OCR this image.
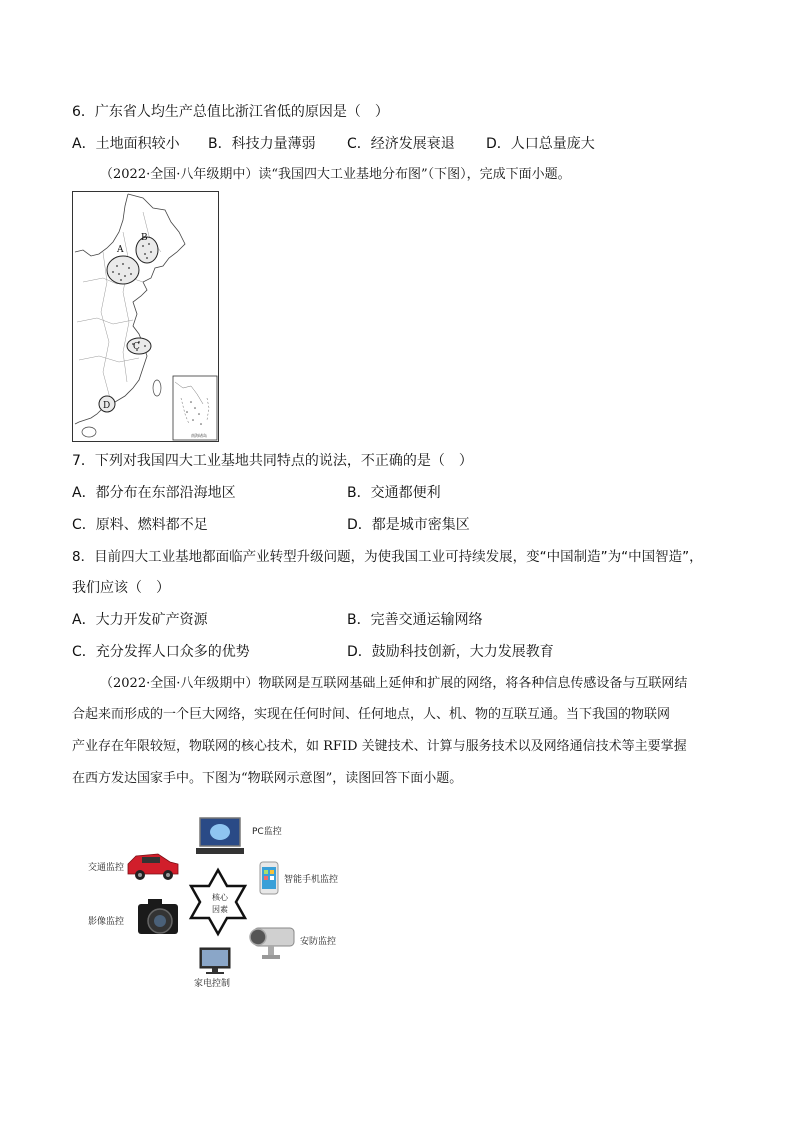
6．广东省人均生产总值比浙江省低的原因是（　）
A．土地面积较小 B．科技力量薄弱 C．经济发展衰退 D．人口总量庞大
（2022·全国·八年级期中）读“我国四大工业基地分布图”（下图），完成下面小题。
A
B
C
D
南海诸岛
7．下列对我国四大工业基地共同特点的说法，不正确的是（　）
A．都分布在东部沿海地区	B．交通都便利
C．原料、燃料都不足	D．都是城市密集区
8．目前四大工业基地都面临产业转型升级问题，为使我国工业可持续发展，变“中国制造”为“中国智造”，
我们应该（　）
A．大力开发矿产资源	B．完善交通运输网络
C．充分发挥人口众多的优势	D．鼓励科技创新，大力发展教育
（2022·全国·八年级期中）物联网是互联网基础上延伸和扩展的网络，将各种信息传感设备与互联网结
合起来而形成的一个巨大网络，实现在任何时间、任何地点，人、机、物的互联互通。当下我国的物联网
产业存在年限较短，物联网的核心技术，如 RFID 关键技术、计算与服务技术以及网络通信技术等主要掌握
在西方发达国家手中。下图为“物联网示意图”，读图回答下面小题。
核心
因素
PC监控
交通监控
智能手机监控
影像监控
安防监控
家电控制
